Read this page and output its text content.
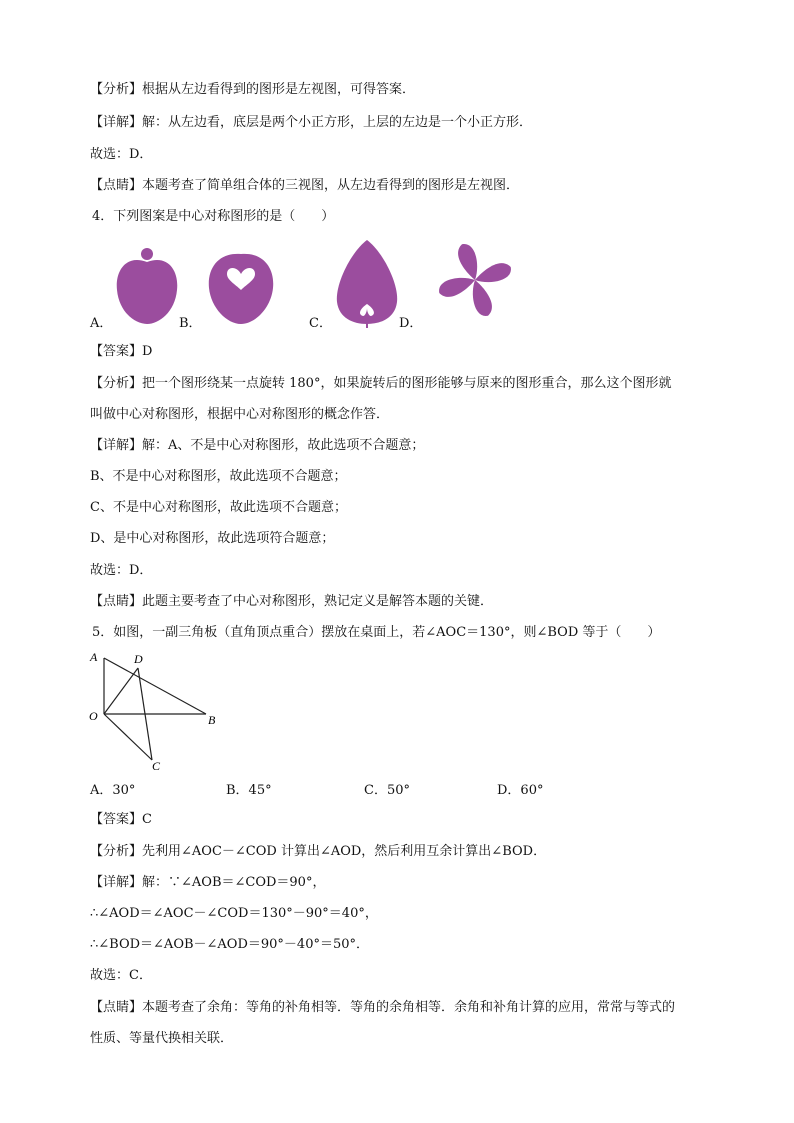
【分析】根据从左边看得到的图形是左视图，可得答案．
【详解】解：从左边看，底层是两个小正方形，上层的左边是一个小正方形．
故选：D．
【点睛】本题考查了简单组合体的三视图，从左边看得到的图形是左视图．
4．下列图案是中心对称图形的是（　　）
A．	B．	C．	D．
【答案】D
【分析】把一个图形绕某一点旋转 180°，如果旋转后的图形能够与原来的图形重合，那么这个图形就
叫做中心对称图形，根据中心对称图形的概念作答．
【详解】解：A、不是中心对称图形，故此选项不合题意；
B、不是中心对称图形，故此选项不合题意；
C、不是中心对称图形，故此选项不合题意；
D、是中心对称图形，故此选项符合题意；
故选：D．
【点睛】此题主要考查了中心对称图形，熟记定义是解答本题的关键．
5．如图，一副三角板（直角顶点重合）摆放在桌面上，若∠AOC＝130°，则∠BOD 等于（　　）
A	D
O	B
C
A．30°	B．45°	C．50°	D．60°
【答案】C
【分析】先利用∠AOC－∠COD 计算出∠AOD，然后利用互余计算出∠BOD．
【详解】解：∵∠AOB＝∠COD＝90°，
∴∠AOD＝∠AOC－∠COD＝130°－90°＝40°，
∴∠BOD＝∠AOB－∠AOD＝90°－40°＝50°．
故选：C．
【点睛】本题考查了余角：等角的补角相等．等角的余角相等．余角和补角计算的应用，常常与等式的
性质、等量代换相关联．
